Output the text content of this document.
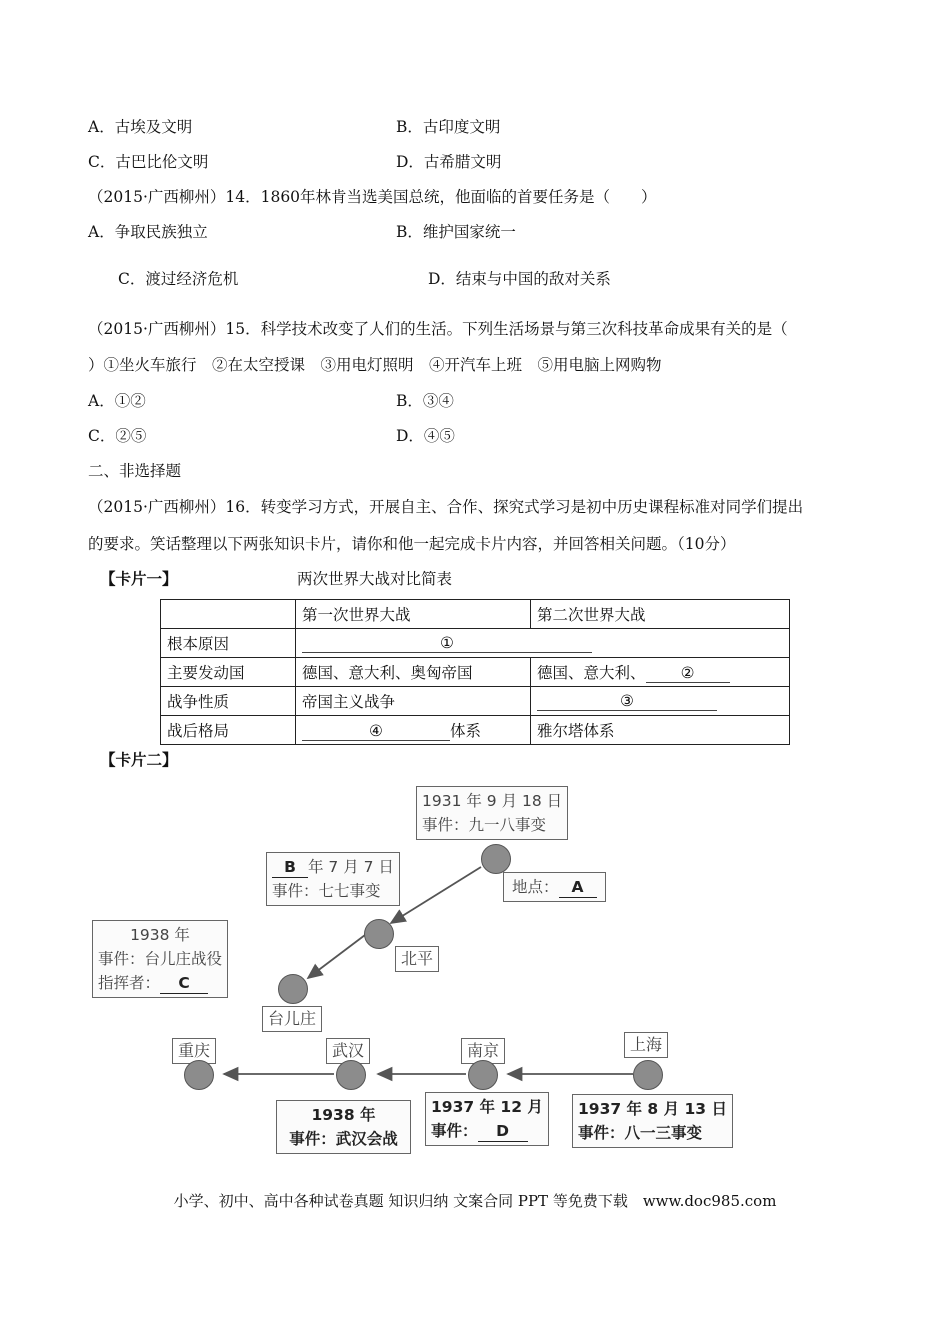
A．古埃及文明	B．古印度文明
C．古巴比伦文明	D．古希腊文明
（2015·广西柳州）14．1860年林肯当选美国总统，他面临的首要任务是（　　）
A．争取民族独立	B．维护国家统一
C．渡过经济危机	D．结束与中国的敌对关系
（2015·广西柳州）15．科学技术改变了人们的生活。下列生活场景与第三次科技革命成果有关的是（
）①坐火车旅行　②在太空授课　③用电灯照明　④开汽车上班　⑤用电脑上网购物
A．①②	B．③④
C．②⑤	D．④⑤
二、非选择题
（2015·广西柳州）16．转变学习方式，开展自主、合作、探究式学习是初中历史课程标准对同学们提出
的要求。笑话整理以下两张知识卡片，请你和他一起完成卡片内容，并回答相关问题。（10分）
【卡片一】	两次世界大战对比简表
	第一次世界大战	第二次世界大战
根本原因	①	
主要发动国	德国、意大利、奥匈帝国	德国、意大利、 ②
战争性质	帝国主义战争	③
战后格局	④ 体系	雅尔塔体系
【卡片二】
1931 年 9 月 18 日
事件：九一八事变
地点： A
B 年 7 月 7 日
事件：七七事变
北平
1938 年
事件：台儿庄战役
指挥者： C
台儿庄
重庆	武汉	南京	上海
1938 年
事件：武汉会战
1937 年 12 月
事件： D
1937 年 8 月 13 日
事件：八一三事变
小学、初中、高中各种试卷真题 知识归纳 文案合同 PPT 等免费下载　www.doc985.com
